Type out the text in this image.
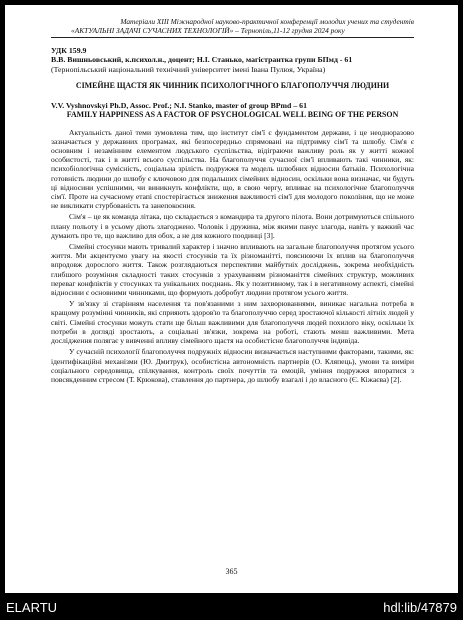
Матеріали XIII Міжнародної науково-практичної конференції молодих учених та студентів
«АКТУАЛЬНІ ЗАДАЧІ СУЧАСНИХ ТЕХНОЛОГІЙ» – Тернопіль,11-12 грудня 2024 року
УДК 159.9
В.В. Вишньовський, к.психол.н., доцент; Н.І. Станько, магістрантка групи БПмд - 61
(Тернопільський національний технічний університет імені Івана Пулюя, Україна)
СІМЕЙНЕ ЩАСТЯ ЯК ЧИННИК ПСИХОЛОГІЧНОГО БЛАГОПОЛУЧЧЯ ЛЮДИНИ
V.V. Vyshnovskyi Ph.D, Assoc. Prof.; N.I. Stanko, master of group BPmd – 61
FAMILY HAPPINESS AS A FACTOR OF PSYCHOLOGICAL WELL BEING OF THE PERSON

Актуальність даної теми зумовлена тим, що інститут сім'ї є фундаментом держави, і це неодноразово зазначається у державних програмах, які безпосередньо спрямовані на підтримку сім'ї та шлюбу. Сім'я є основним і незамінним елементом людського суспільства, відіграючи важливу роль як у житті кожної особистості, так і в житті всього суспільства. На благополуччя сучасної сім'ї впливають такі чинники, як: психобіологічна сумісність, соціальна зрілість подружжя та модель шлюбних відносин батьків. Психологічна готовність людини до шлюбу є ключовою для подальших сімейних відносин, оскільки вона визначає, чи будуть ці відносини успішними, чи виникнуть конфлікти, що, в свою чергу, впливає на психологічне благополуччя сім'ї. Проте на сучасному етапі спостерігається зниження важливості сім'ї для молодого покоління, що не може не викликати стурбованість та занепокоєння.

Сім'я – це як команда літака, що складається з командира та другого пілота. Вони дотримуються спільного плану польоту і в усьому діють злагоджено. Чоловік і дружина, між якими панує злагода, навіть у важкий час думають про те, що важливо для обох, а не для кожного поодинці [3].

Сімейні стосунки мають тривалий характер і значно впливають на загальне благополуччя протягом усього життя. Ми акцентуємо увагу на якості стосунків та їх різноманітті, пояснюючи їх вплив на благополуччя впродовж дорослого життя. Також розглядаються перспективи майбутніх досліджень, зокрема необхідність глибшого розуміння складності таких стосунків з урахуванням різноманіття сімейних структур, можливих переваг конфліктів у стосунках та унікальних поєднань. Як у позитивному, так і в негативному аспекті, сімейні відносини є основними чинниками, що формують добробут людини протягом усього життя.

У зв'язку зі старінням населення та пов'язаними з ним захворюваннями, виникає нагальна потреба в кращому розумінні чинників, які сприяють здоров'ю та благополуччю серед зростаючої кількості літніх людей у світі. Сімейні стосунки можуть стати ще більш важливими для благополуччя людей похилого віку, оскільки їх потреби в догляді зростають, а соціальні зв'язки, зокрема на роботі, стають менш важливими. Мета дослідження полягає у вивченні впливу сімейного щастя на особистісне благополуччя індивіда.

У сучасній психології благополуччя подружніх відносин визначається наступними факторами, такими, як: ідентифікаційні механізми (Ю. Дмитрук), особистісна автономність партнерів (О. Кляпець), умови та виміри соціального середовища, спілкування, контроль своїх почуттів та емоцій, уміння подружжя впоратися з повсякденним стресом (Т. Крюкова), ставлення до партнера, до шлюбу взагалі і до власного (Є. Кіжаєва) [2].

365
ELARTU	hdl:lib/47879
